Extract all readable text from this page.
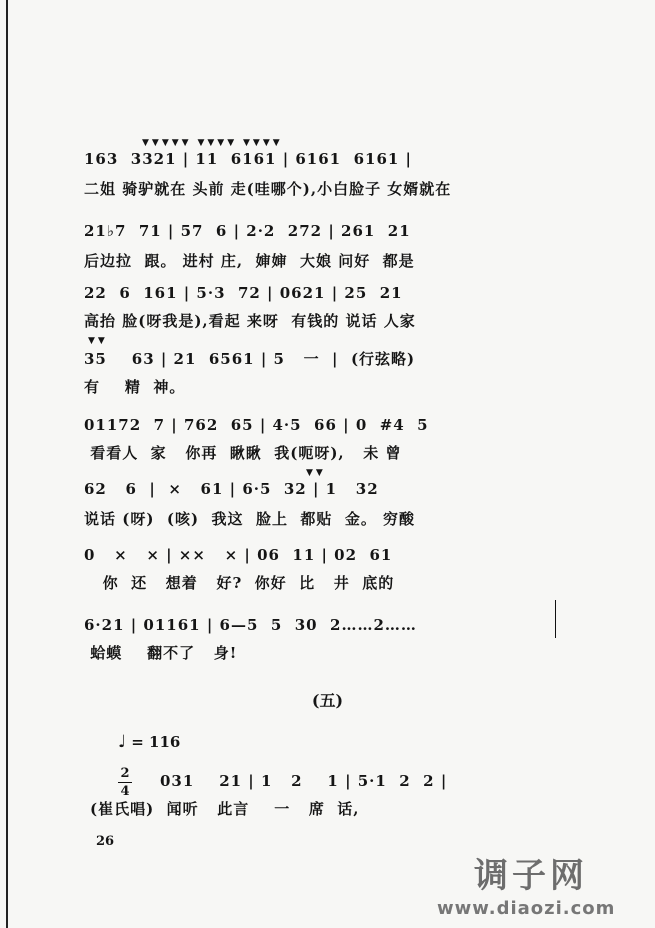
▼▼▼▼▼ ▼▼▼▼ ▼▼▼▼
163  3321 | 11  6161 | 6161  6161 |
二姐 骑驴就在 头前 走(哇哪个),小白脸子 女婿就在
21♭7  71 | 57  6 | 2·2  272 | 261  21
后边拉  跟。 进村 庄,  婶婶  大娘 问好  都是
22  6  161 | 5·3  72 | 0621 | 25  21
高抬 脸(呀我是),看起 来呀  有钱的 说话 人家
▼▼
35    63 | 21  6561 | 5   一  |  (行弦略)
有    精  神。
01172  7 | 762  65 | 4·5  66 | 0  #4  5
看看人  家   你再  瞅瞅  我(呃呀),   未 曾
▼▼
62   6  |  ×   61 | 6·5  32 | 1   32
说话 (呀)  (咳)  我这  脸上  都贴  金。 穷酸
0   ×   × | ××   × | 06  11 | 02  61
你  还   想着   好?  你好  比   井  底的
6·21 | 01161 | 6—5  5  30  2……2……
蛤蟆    翻不了   身!
(五)
♩ = 116
2
4
031    21 | 1   2    1 | 5·1  2  2 |
(崔氏唱)  闻听   此言    一   席  话,
26
调子网
www.diaozi.com
